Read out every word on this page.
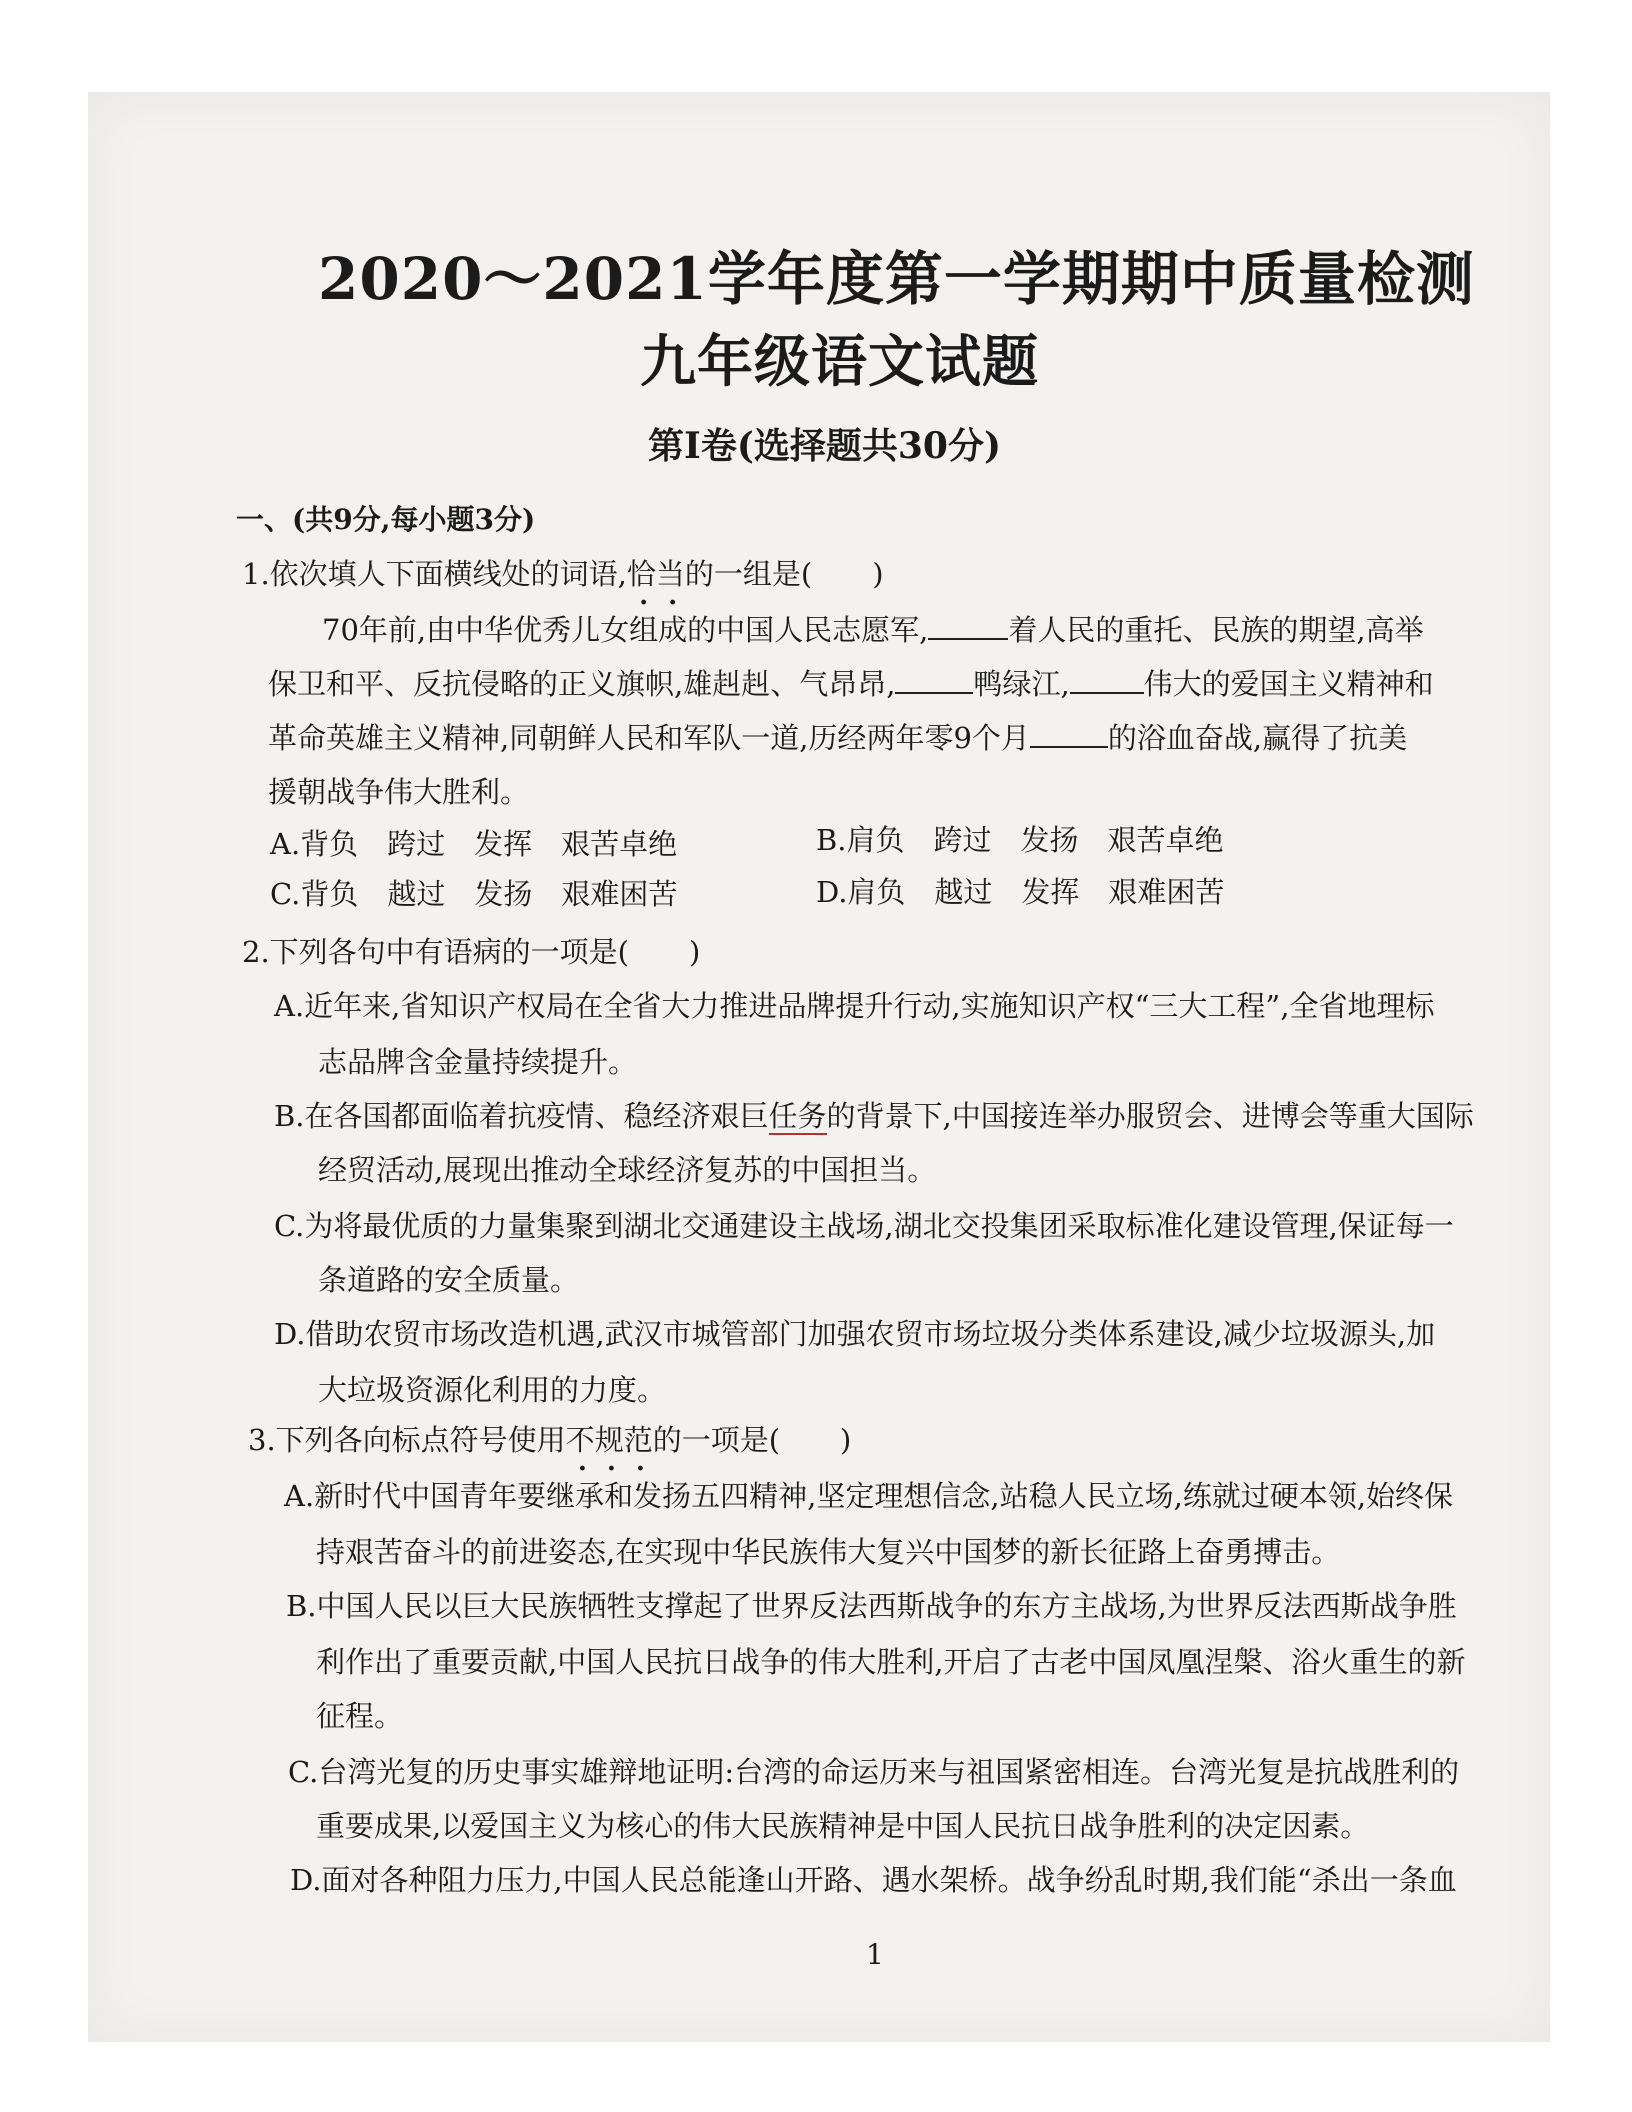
2020～2021学年度第一学期期中质量检测
九年级语文试题
第Ⅰ卷(选择题共30分)
一、(共9分,每小题3分)
1.依次填人下面横线处的词语,恰当的一组是( )
70年前,由中华优秀儿女组成的中国人民志愿军,	着人民的重托、民族的期望,高举
保卫和平、反抗侵略的正义旗帜,雄赳赳、气昂昂,	鸭绿江,	伟大的爱国主义精神和
革命英雄主义精神,同朝鲜人民和军队一道,历经两年零9个月	的浴血奋战,赢得了抗美
援朝战争伟大胜利。
A.背负　跨过　发挥　艰苦卓绝	B.肩负　跨过　发扬　艰苦卓绝
C.背负　越过　发扬　艰难困苦	D.肩负　越过　发挥　艰难困苦
2.下列各句中有语病的一项是( )
A.近年来,省知识产权局在全省大力推进品牌提升行动,实施知识产权“三大工程”,全省地理标
志品牌含金量持续提升。
B.在各国都面临着抗疫情、稳经济艰巨任务的背景下,中国接连举办服贸会、进博会等重大国际
经贸活动,展现出推动全球经济复苏的中国担当。
C.为将最优质的力量集聚到湖北交通建设主战场,湖北交投集团采取标准化建设管理,保证每一
条道路的安全质量。
D.借助农贸市场改造机遇,武汉市城管部门加强农贸市场垃圾分类体系建设,减少垃圾源头,加
大垃圾资源化利用的力度。
3.下列各向标点符号使用不规范的一项是( )
A.新时代中国青年要继承和发扬五四精神,坚定理想信念,站稳人民立场,练就过硬本领,始终保
持艰苦奋斗的前进姿态,在实现中华民族伟大复兴中国梦的新长征路上奋勇搏击。
B.中国人民以巨大民族牺牲支撑起了世界反法西斯战争的东方主战场,为世界反法西斯战争胜
利作出了重要贡献,中国人民抗日战争的伟大胜利,开启了古老中国凤凰涅槃、浴火重生的新
征程。
C.台湾光复的历史事实雄辩地证明:台湾的命运历来与祖国紧密相连。台湾光复是抗战胜利的
重要成果,以爱国主义为核心的伟大民族精神是中国人民抗日战争胜利的决定因素。
D.面对各种阻力压力,中国人民总能逢山开路、遇水架桥。战争纷乱时期,我们能“杀出一条血
1
